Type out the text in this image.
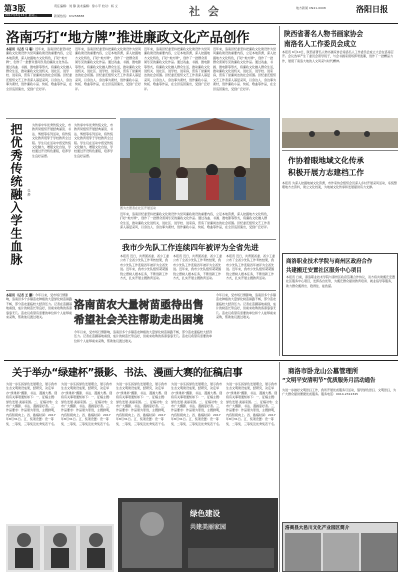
第3版
2017年6月14日 星期三
责任编辑：刘 静 美术编辑：徐小平 校对：杨 义	社 会	地方新闻 CN41-0008	洛阳日报
新闻热线：63258888
洛南巧打“地方牌”推进廉政文化产品创作
本报讯（记者 马 聪）近年来，洛南县纪委坚持把廉政文化建设作为党风廉政建设的重要内容，立足本地资源，深入挖掘地方文化特色，打好“地方牌”，创作了一批群众喜闻乐见的廉政文化作品。通过戏曲、书画、微电影等形式，将廉政文化融入群众生活，推动廉政文化进机关、进社区、进学校、进家庭，营造了崇廉尚洁的社会氛围。县纪委还组织文艺工作者深入基层采风，以身边人、身边事为素材，创作廉政小品、快板、歌曲等作品，在全县巡回演出，受到广泛好评。
近年来，洛南县纪委坚持把廉政文化建设作为党风廉政建设的重要内容，立足本地资源，深入挖掘地方文化特色，打好“地方牌”，创作了一批群众喜闻乐见的廉政文化作品。通过戏曲、书画、微电影等形式，将廉政文化融入群众生活，推动廉政文化进机关、进社区、进学校、进家庭，营造了崇廉尚洁的社会氛围。县纪委还组织文艺工作者深入基层采风，以身边人、身边事为素材，创作廉政小品、快板、歌曲等作品，在全县巡回演出，受到广泛好评。
近年来，洛南县纪委坚持把廉政文化建设作为党风廉政建设的重要内容，立足本地资源，深入挖掘地方文化特色，打好“地方牌”，创作了一批群众喜闻乐见的廉政文化作品。通过戏曲、书画、微电影等形式，将廉政文化融入群众生活，推动廉政文化进机关、进社区、进学校、进家庭，营造了崇廉尚洁的社会氛围。县纪委还组织文艺工作者深入基层采风，以身边人、身边事为素材，创作廉政小品、快板、歌曲等作品，在全县巡回演出，受到广泛好评。
近年来，洛南县纪委坚持把廉政文化建设作为党风廉政建设的重要内容，立足本地资源，深入挖掘地方文化特色，打好“地方牌”，创作了一批群众喜闻乐见的廉政文化作品。通过戏曲、书画、微电影等形式，将廉政文化融入群众生活，推动廉政文化进机关、进社区、进学校、进家庭，营造了崇廉尚洁的社会氛围。县纪委还组织文艺工作者深入基层采风，以身边人、身边事为素材，创作廉政小品、快板、歌曲等作品，在全县巡回演出，受到广泛好评。
把优秀传统融入学生血脉	张 静
为传承中华优秀传统文化，市教育局组织开展经典诵读、书法、剪纸等系列活动，将传统文化教育贯穿于学校教育全过程。学生们在活动中感受传统文化魅力，增强文化自信，学校通过开设特色课程，培养学生良好品德。
为传承中华优秀传统文化，市教育局组织开展经典诵读、书法、剪纸等系列活动，将传统文化教育贯穿于学校教育全过程。学生们在活动中感受传统文化魅力，增强文化自信，学校通过开设特色课程，培养学生良好品德。
图为志愿者在社区开展活动
近年来，洛南县纪委坚持把廉政文化建设作为党风廉政建设的重要内容，立足本地资源，深入挖掘地方文化特色，打好“地方牌”，创作了一批群众喜闻乐见的廉政文化作品。通过戏曲、书画、微电影等形式，将廉政文化融入群众生活，推动廉政文化进机关、进社区、进学校、进家庭，营造了崇廉尚洁的社会氛围。县纪委还组织文艺工作者深入基层采风，以身边人、身边事为素材，创作廉政小品、快板、歌曲等作品，在全县巡回演出，受到广泛好评。
我市少先队工作连续四年被评为全省先进
本报讯 近日，共青团省委、省少工委公布了全省少先队工作考核结果，我市少先队工作连续四年被评为全省先进。近年来，我市少先队组织紧紧围绕立德树人根本任务，不断创新工作方式，扎实开展主题教育活动。
本报讯 近日，共青团省委、省少工委公布了全省少先队工作考核结果，我市少先队工作连续四年被评为全省先进。近年来，我市少先队组织紧紧围绕立德树人根本任务，不断创新工作方式，扎实开展主题教育活动。
本报讯 近日，共青团省委、省少工委公布了全省少先队工作考核结果，我市少先队工作连续四年被评为全省先进。近年来，我市少先队组织紧紧围绕立德树人根本任务，不断创新工作方式，扎实开展主题教育活动。
本报讯（记者 王 鹏）今年以来，受市场行情影响，洛南县多个乡镇苗农种植的大量绿化树苗销路不畅，部分苗农面临较大经济压力。记者在苗圃基地看到，成片的树苗长势良好，但前来收购的客商寥寥无几。苗农们希望有需要的单位和个人能够前来采购，帮助他们渡过难关。
洛南苗农大量树苗亟待出售
希望社会关注帮助走出困境
今年以来，受市场行情影响，洛南县多个乡镇苗农种植的大量绿化树苗销路不畅，部分苗农面临较大经济压力。记者在苗圃基地看到，成片的树苗长势良好，但前来收购的客商寥寥无几。苗农们希望有需要的单位和个人能够前来采购，帮助他们渡过难关。
今年以来，受市场行情影响，洛南县多个乡镇苗农种植的大量绿化树苗销路不畅，部分苗农面临较大经济压力。记者在苗圃基地看到，成片的树苗长势良好，但前来收购的客商寥寥无几。苗农们希望有需要的单位和个人能够前来采购，帮助他们渡过难关。
陕西省著名人物书画家协会
南洛名人工作委员会成立
本报讯 6月10日，陕西省著名人物书画家协会南洛名人工作委员会成立大会在洛南召开。会议选举产生了委员会领导班子，与会书画家现场挥毫泼墨，创作了一批精品力作，展现了南洛大地的人文风采与时代精神。
作协着眼地域文化传承
积极开展方志建档工作
本报讯 为深入挖掘地域文化资源，市作家协会组织会员深入乡村开展采风活动，系统整理地方志资料，建立文化档案，为地域文化传承和发展提供有力支撑。
商洛职业技术学院与商州区政府合作
共建搬迁安置社区服务中心项目
本报讯 日前，商洛职业技术学院与商州区政府签署合作协议，双方将共建搬迁安置社区服务中心项目，发挥各自优势，为搬迁群众提供教育培训、就业指导等服务，助力群众搬得出、稳得住、能致富。
关于举办“绿建杯”摄影、书法、漫画大赛的征稿启事
为进一步弘扬绿色发展理念，展示我市生态文明建设成果，经研究，决定举办“绿建杯”摄影、书法、漫画大赛。现将有关事项通知如下：一、征稿主题：绿色发展·美丽家园。二、征稿对象：全市广大摄影、书法、漫画爱好者。三、作品要求：作品须为原创，主题鲜明，内容积极向上。四、截稿时间：2017年8月31日。五、奖项设置：设一等奖、二等奖、三等奖及优秀奖若干名。
为进一步弘扬绿色发展理念，展示我市生态文明建设成果，经研究，决定举办“绿建杯”摄影、书法、漫画大赛。现将有关事项通知如下：一、征稿主题：绿色发展·美丽家园。二、征稿对象：全市广大摄影、书法、漫画爱好者。三、作品要求：作品须为原创，主题鲜明，内容积极向上。四、截稿时间：2017年8月31日。五、奖项设置：设一等奖、二等奖、三等奖及优秀奖若干名。
为进一步弘扬绿色发展理念，展示我市生态文明建设成果，经研究，决定举办“绿建杯”摄影、书法、漫画大赛。现将有关事项通知如下：一、征稿主题：绿色发展·美丽家园。二、征稿对象：全市广大摄影、书法、漫画爱好者。三、作品要求：作品须为原创，主题鲜明，内容积极向上。四、截稿时间：2017年8月31日。五、奖项设置：设一等奖、二等奖、三等奖及优秀奖若干名。
为进一步弘扬绿色发展理念，展示我市生态文明建设成果，经研究，决定举办“绿建杯”摄影、书法、漫画大赛。现将有关事项通知如下：一、征稿主题：绿色发展·美丽家园。二、征稿对象：全市广大摄影、书法、漫画爱好者。三、作品要求：作品须为原创，主题鲜明，内容积极向上。四、截稿时间：2017年8月31日。五、奖项设置：设一等奖、二等奖、三等奖及优秀奖若干名。
为进一步弘扬绿色发展理念，展示我市生态文明建设成果，经研究，决定举办“绿建杯”摄影、书法、漫画大赛。现将有关事项通知如下：一、征稿主题：绿色发展·美丽家园。二、征稿对象：全市广大摄影、书法、漫画爱好者。三、作品要求：作品须为原创，主题鲜明，内容积极向上。四、截稿时间：2017年8月31日。五、奖项设置：设一等奖、二等奖、三等奖及优秀奖若干名。
绿色建设
共建美丽家园
商洛市卧龙山公墓管理所
“文明平安清明节”优质服务月活动通告
为进一步做好文明祭扫工作，我所开展优质服务月活动，倡导绿色祭扫、文明祭扫，为广大群众提供便捷优质服务。服务电话：0914-2312345
洛商县大邑川文化产业园区简介
